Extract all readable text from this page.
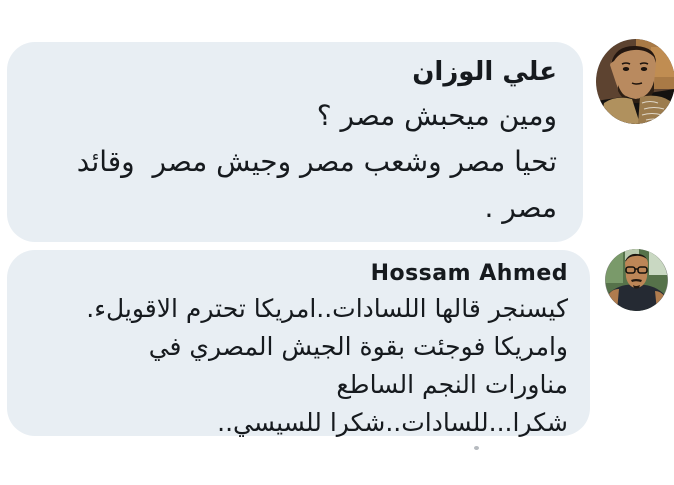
علي الوزان
ومين ميحبش مصر ؟
تحيا مصر وشعب مصر وجيش مصر  وقائد
مصر .
Hossam Ahmed
كيسنجر قالها اللسادات..امريكا تحترم الاقويلء.
وامريكا فوجئت بقوة الجيش المصري في
مناورات النجم الساطع
شكرا...للسادات..شكرا للسيسي..
